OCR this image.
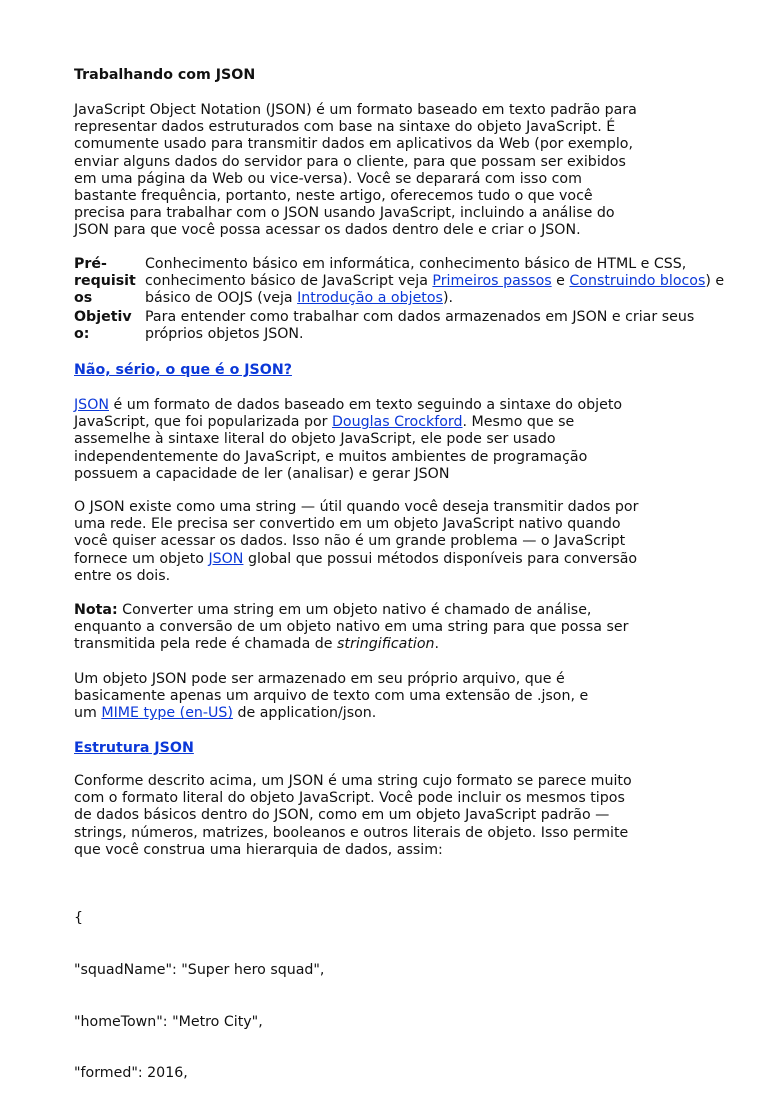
Trabalhando com JSON
JavaScript Object Notation (JSON) é um formato baseado em texto padrão para
representar dados estruturados com base na sintaxe do objeto JavaScript. É
comumente usado para transmitir dados em aplicativos da Web (por exemplo,
enviar alguns dados do servidor para o cliente, para que possam ser exibidos
em uma página da Web ou vice-versa). Você se deparará com isso com
bastante frequência, portanto, neste artigo, oferecemos tudo o que você
precisa para trabalhar com o JSON usando JavaScript, incluindo a análise do
JSON para que você possa acessar os dados dentro dele e criar o JSON.
Pré-
requisit
os
Conhecimento básico em informática, conhecimento básico de HTML e CSS,
conhecimento básico de JavaScript veja Primeiros passos e Construindo blocos) e
básico de OOJS (veja Introdução a objetos).
Objetiv
o:
Para entender como trabalhar com dados armazenados em JSON e criar seus
próprios objetos JSON.
Não, sério, o que é o JSON?
JSON é um formato de dados baseado em texto seguindo a sintaxe do objeto
JavaScript, que foi popularizada por Douglas Crockford. Mesmo que se
assemelhe à sintaxe literal do objeto JavaScript, ele pode ser usado
independentemente do JavaScript, e muitos ambientes de programação
possuem a capacidade de ler (analisar) e gerar JSON
O JSON existe como uma string — útil quando você deseja transmitir dados por
uma rede. Ele precisa ser convertido em um objeto JavaScript nativo quando
você quiser acessar os dados. Isso não é um grande problema — o JavaScript
fornece um objeto JSON global que possui métodos disponíveis para conversão
entre os dois.
Nota: Converter uma string em um objeto nativo é chamado de análise,
enquanto a conversão de um objeto nativo em uma string para que possa ser
transmitida pela rede é chamada de stringification.
Um objeto JSON pode ser armazenado em seu próprio arquivo, que é
basicamente apenas um arquivo de texto com uma extensão de .json, e
um MIME type (en-US) de application/json.
Estrutura JSON
Conforme descrito acima, um JSON é uma string cujo formato se parece muito
com o formato literal do objeto JavaScript. Você pode incluir os mesmos tipos
de dados básicos dentro do JSON, como em um objeto JavaScript padrão —
strings, números, matrizes, booleanos e outros literais de objeto. Isso permite
que você construa uma hierarquia de dados, assim:

{

"squadName": "Super hero squad",

"homeTown": "Metro City",

"formed": 2016,
